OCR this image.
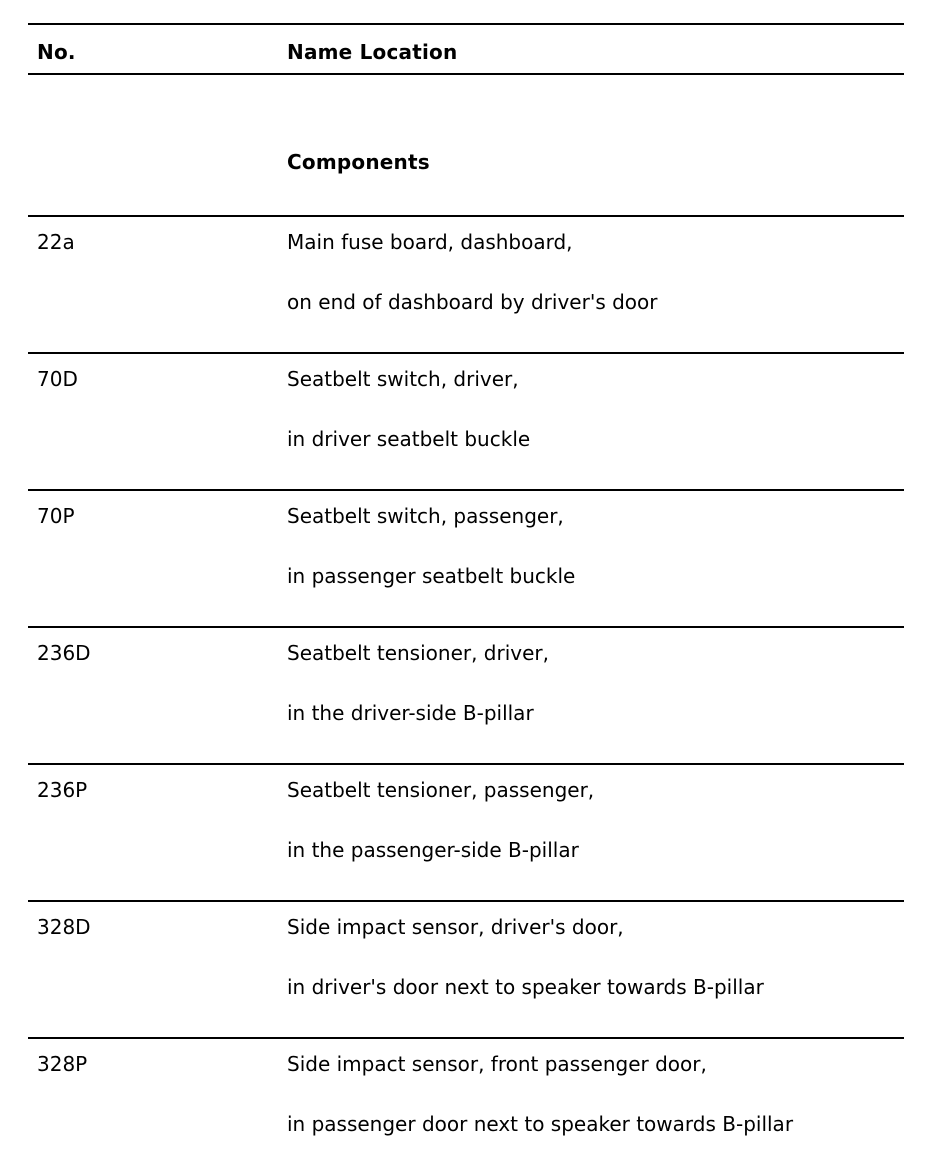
No.	Name Location
Components
22a	Main fuse board, dashboard,
on end of dashboard by driver's door
70D	Seatbelt switch, driver,
in driver seatbelt buckle
70P	Seatbelt switch, passenger,
in passenger seatbelt buckle
236D	Seatbelt tensioner, driver,
in the driver-side B-pillar
236P	Seatbelt tensioner, passenger,
in the passenger-side B-pillar
328D	Side impact sensor, driver's door,
in driver's door next to speaker towards B-pillar
328P	Side impact sensor, front passenger door,
in passenger door next to speaker towards B-pillar
